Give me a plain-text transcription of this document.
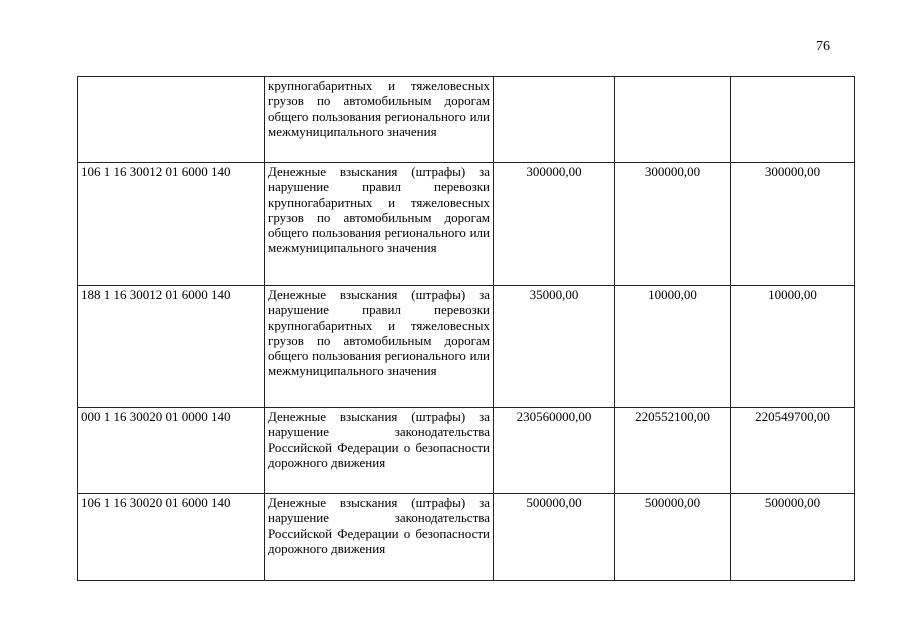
76
	крупногабаритных и тяжеловесных грузов по автомобильным дорогам общего пользования регионального или межмуниципального значения			
106 1 16 30012 01 6000 140	Денежные взыскания (штрафы) за нарушение правил перевозки крупногабаритных и тяжеловесных грузов по автомобильным дорогам общего пользования регионального или межмуниципального значения	300000,00	300000,00	300000,00
188 1 16 30012 01 6000 140	Денежные взыскания (штрафы) за нарушение правил перевозки крупногабаритных и тяжеловесных грузов по автомобильным дорогам общего пользования регионального или межмуниципального значения	35000,00	10000,00	10000,00
000 1 16 30020 01 0000 140	Денежные взыскания (штрафы) за нарушение законодательства Российской Федерации о безопасности дорожного движения	230560000,00	220552100,00	220549700,00
106 1 16 30020 01 6000 140	Денежные взыскания (штрафы) за нарушение законодательства Российской Федерации о безопасности дорожного движения	500000,00	500000,00	500000,00
